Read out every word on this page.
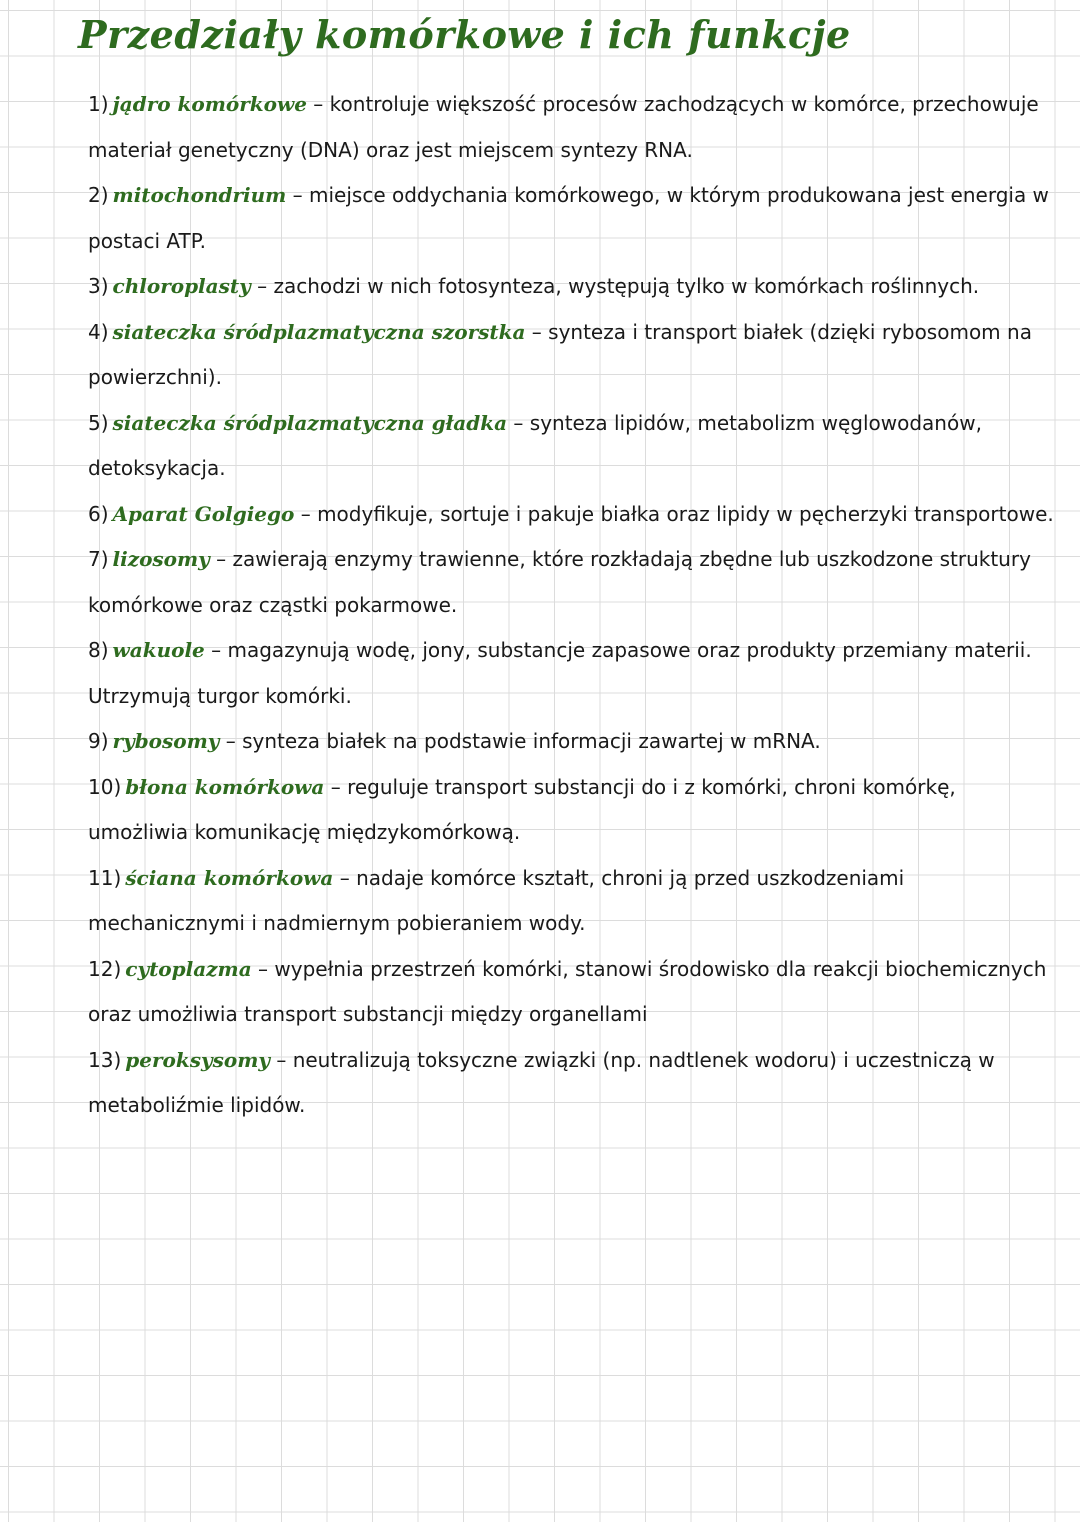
Przedziały komórkowe i ich funkcje
1) jądro komórkowe – kontroluje większość procesów zachodzących w komórce, przechowuje materiał genetyczny (DNA) oraz jest miejscem syntezy RNA.
2) mitochondrium – miejsce oddychania komórkowego, w którym produkowana jest energia w postaci ATP.
3) chloroplasty – zachodzi w nich fotosynteza, występują tylko w komórkach roślinnych.
4) siateczka śródplazmatyczna szorstka – synteza i transport białek (dzięki rybosomom na powierzchni).
5) siateczka śródplazmatyczna gładka – synteza lipidów, metabolizm węglowodanów, detoksykacja.
6) Aparat Golgiego – modyfikuje, sortuje i pakuje białka oraz lipidy w pęcherzyki transportowe.
7) lizosomy – zawierają enzymy trawienne, które rozkładają zbędne lub uszkodzone struktury komórkowe oraz cząstki pokarmowe.
8) wakuole – magazynują wodę, jony, substancje zapasowe oraz produkty przemiany materii. Utrzymują turgor komórki.
9) rybosomy – synteza białek na podstawie informacji zawartej w mRNA.
10) błona komórkowa – reguluje transport substancji do i z komórki, chroni komórkę, umożliwia komunikację międzykomórkową.
11) ściana komórkowa – nadaje komórce kształt, chroni ją przed uszkodzeniami mechanicznymi i nadmiernym pobieraniem wody.
12) cytoplazma – wypełnia przestrzeń komórki, stanowi środowisko dla reakcji biochemicznych oraz umożliwia transport substancji między organellami
13) peroksysomy – neutralizują toksyczne związki (np. nadtlenek wodoru) i uczestniczą w metaboliźmie lipidów.
